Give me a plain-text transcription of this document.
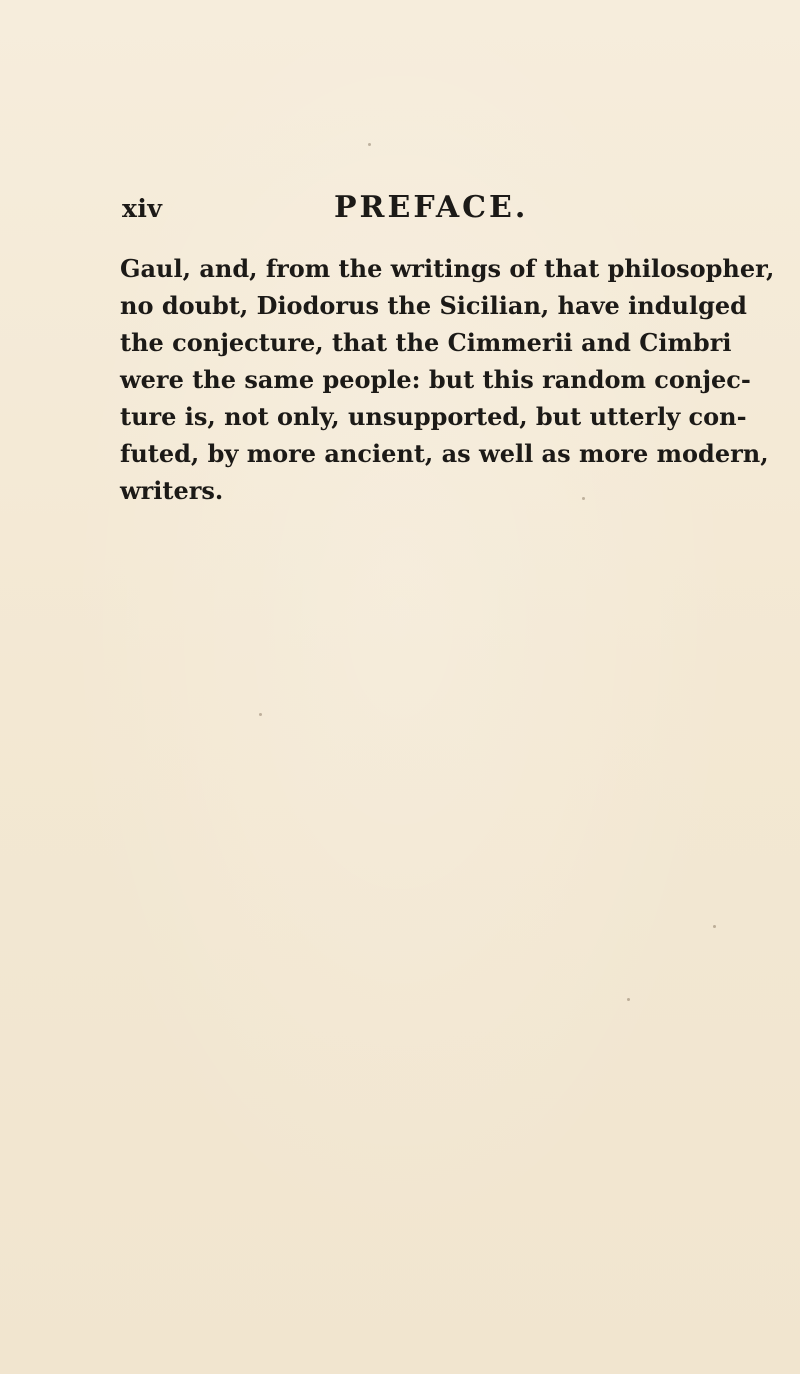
xiv	PREFACE.

Gaul, and, from the writings of that philosopher,
no doubt, Diodorus the Sicilian, have indulged
the conjecture, that the Cimmerii and Cimbri
were the same people: but this random conjec-
ture is, not only, unsupported, but utterly con-
futed, by more ancient, as well as more modern,
writers.
